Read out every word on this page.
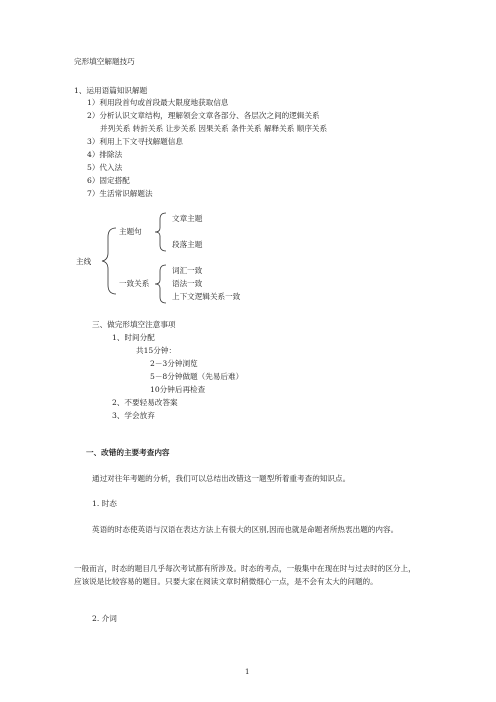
完形填空解题技巧
1、运用语篇知识解题
1）利用段首句或首段最大限度地获取信息
2）分析认识文章结构，理解领会文章各部分、各层次之间的逻辑关系
并列关系 转折关系 让步关系 因果关系 条件关系 解释关系 顺序关系
3）利用上下文寻找解题信息
4）排除法
5）代入法
6）固定搭配
7）生活常识解题法
主线
主题句
文章主题
段落主题
一致关系
词汇一致
语法一致
上下文逻辑关系一致
三、做完形填空注意事项
1、时间分配
共15分钟：
2－3分钟浏览
5－8分钟做题（先易后难）
10分钟后再检查
2、不要轻易改答案
3、学会放弃
一、改错的主要考查内容
通过对往年考题的分析，我们可以总结出改错这一题型所着重考查的知识点。
1. 时态
英语的时态使英语与汉语在表达方法上有很大的区别,因而也就是命题者所热衷出题的内容。
一般而言，时态的题目几乎每次考试都有所涉及。时态的考点，一般集中在现在时与过去时的区分上，应该说是比较容易的题目。只要大家在阅读文章时稍微细心一点，是不会有太大的问题的。
2. 介词
1
